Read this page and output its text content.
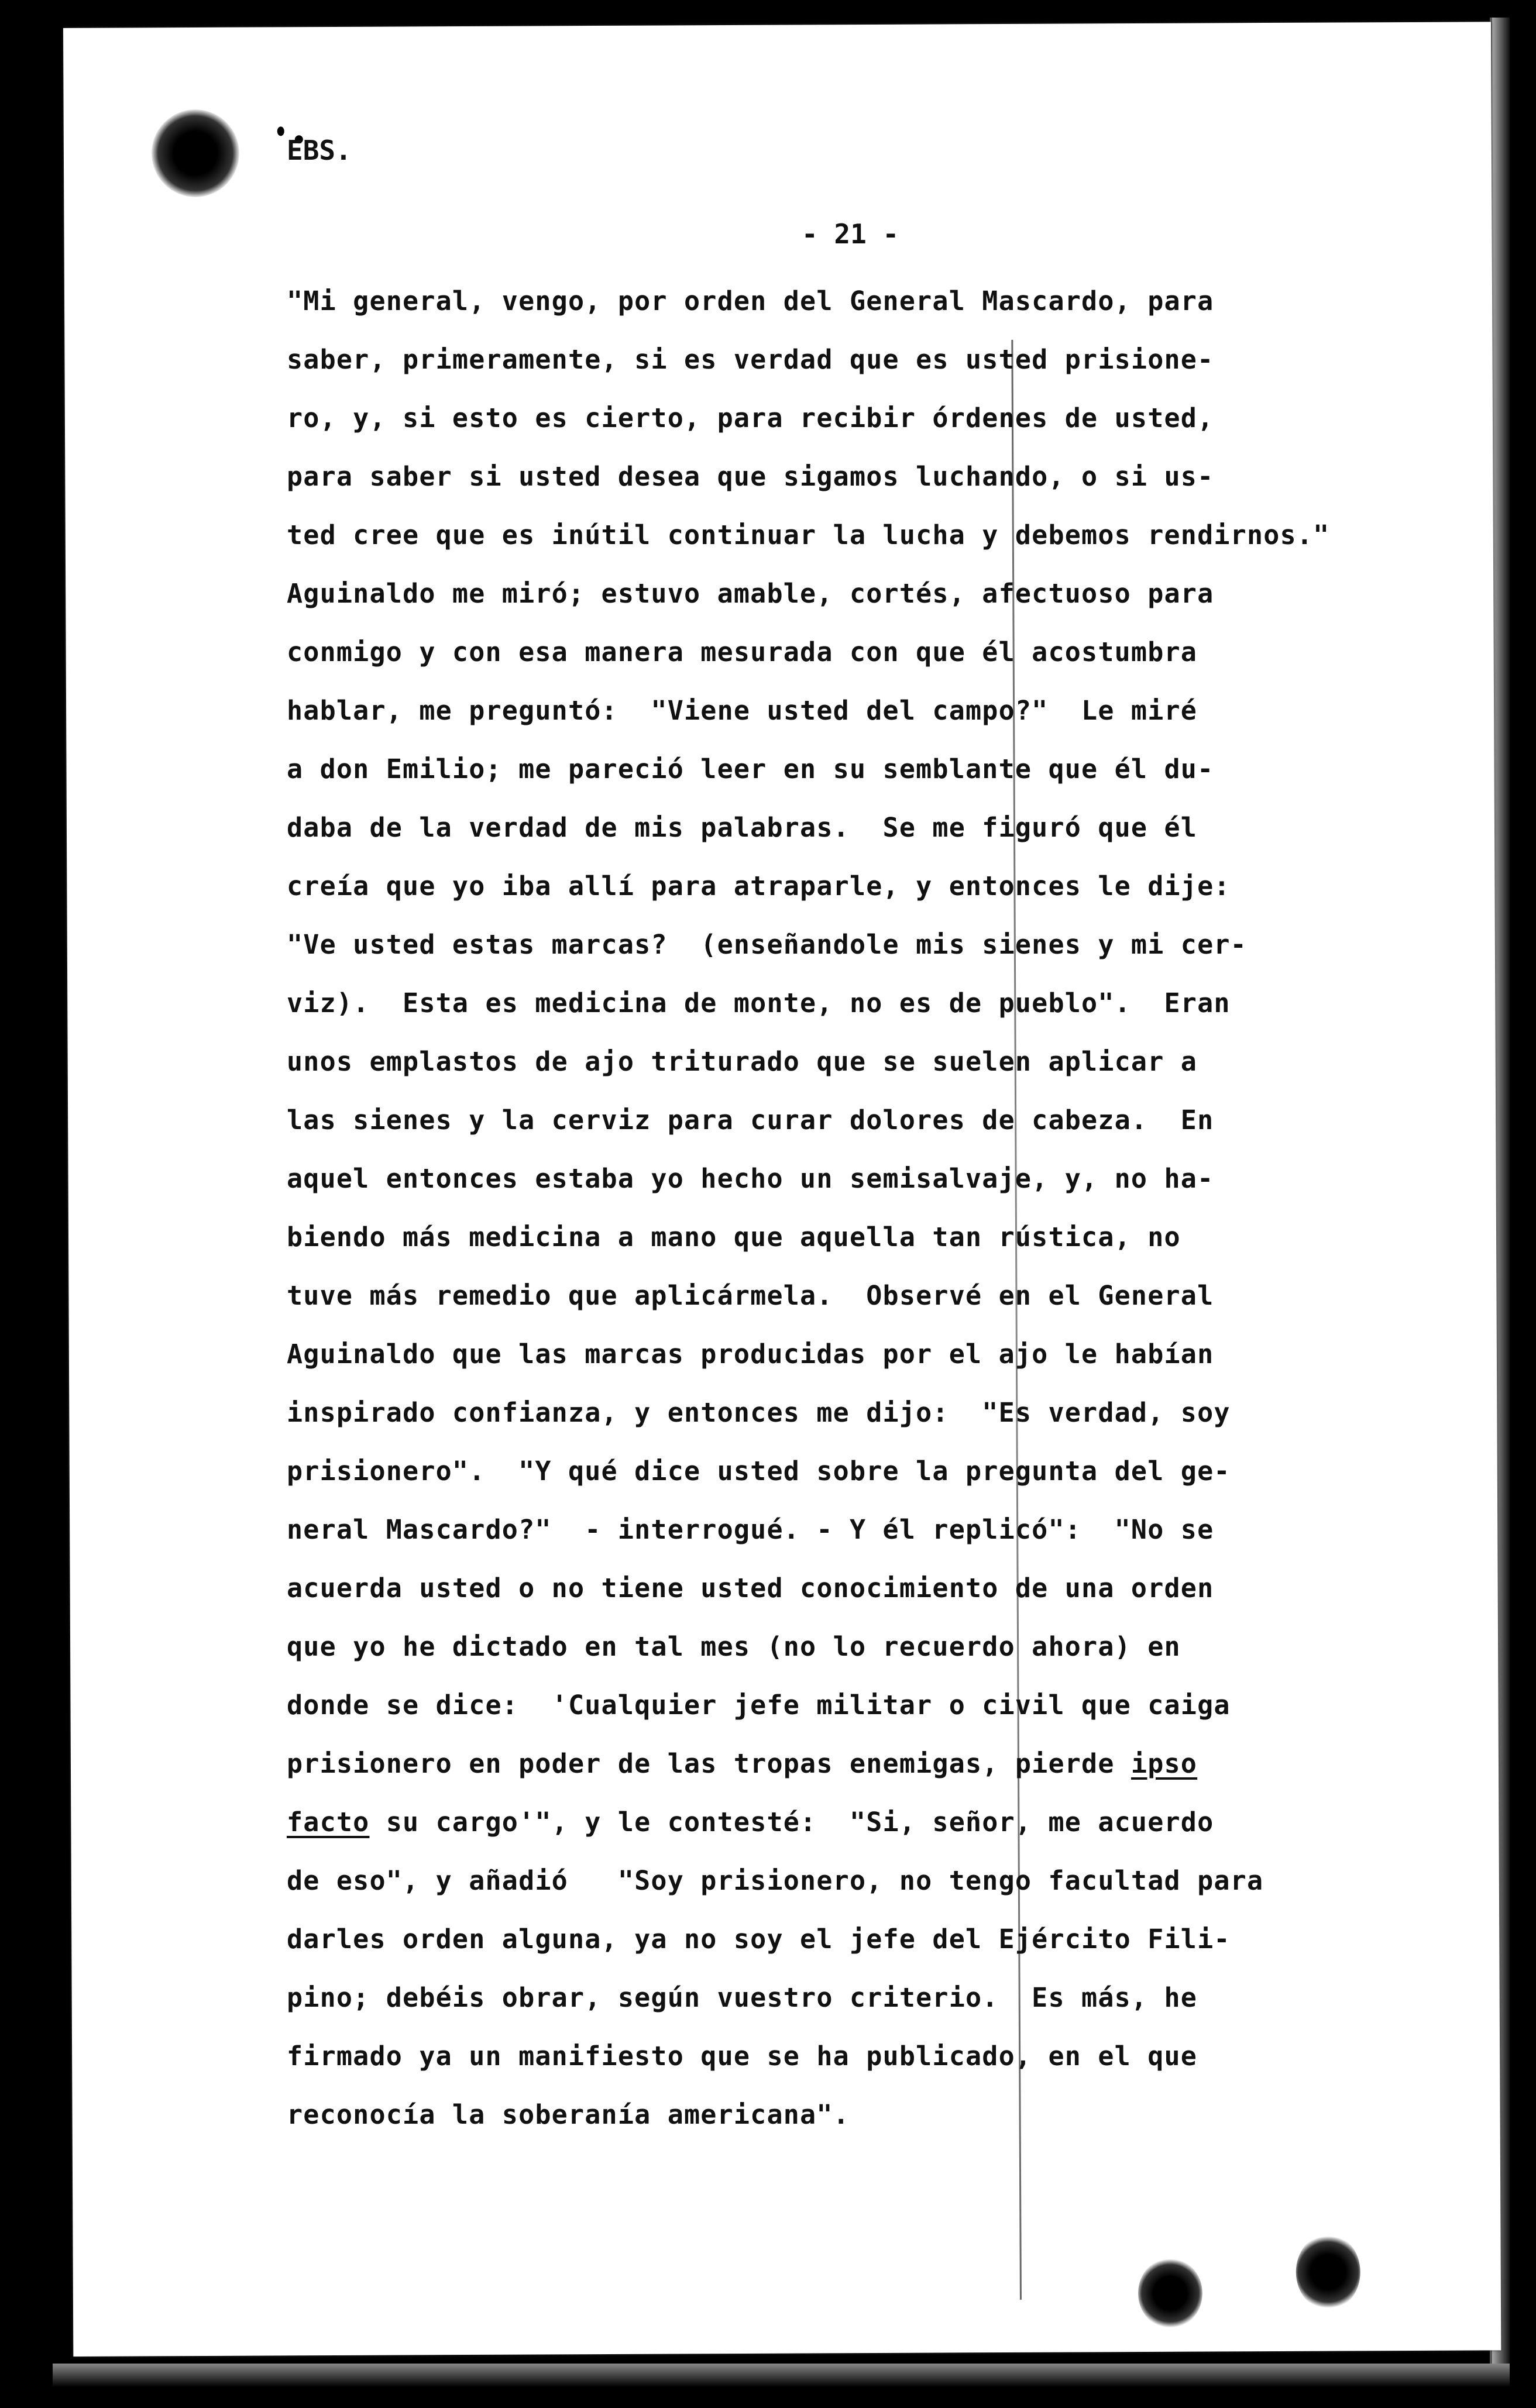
EBS.
- 21 -
"Mi general, vengo, por orden del General Mascardo, para
saber, primeramente, si es verdad que es usted prisione-
ro, y, si esto es cierto, para recibir órdenes de usted,
para saber si usted desea que sigamos luchando, o si us-
ted cree que es inútil continuar la lucha y debemos rendirnos."
Aguinaldo me miró; estuvo amable, cortés, afectuoso para
conmigo y con esa manera mesurada con que él acostumbra
hablar, me preguntó:  "Viene usted del campo?"  Le miré
a don Emilio; me pareció leer en su semblante que él du-
daba de la verdad de mis palabras.  Se me figuró que él
creía que yo iba allí para atraparle, y entonces le dije:
"Ve usted estas marcas?  (enseñandole mis sienes y mi cer-
viz).  Esta es medicina de monte, no es de pueblo".  Eran
unos emplastos de ajo triturado que se suelen aplicar a
las sienes y la cerviz para curar dolores de cabeza.  En
aquel entonces estaba yo hecho un semisalvaje, y, no ha-
biendo más medicina a mano que aquella tan rústica, no
tuve más remedio que aplicármela.  Observé en el General
Aguinaldo que las marcas producidas por el ajo le habían
inspirado confianza, y entonces me dijo:  "Es verdad, soy
prisionero".  "Y qué dice usted sobre la pregunta del ge-
neral Mascardo?"  - interrogué. - Y él replicó":  "No se
acuerda usted o no tiene usted conocimiento de una orden
que yo he dictado en tal mes (no lo recuerdo ahora) en
donde se dice:  'Cualquier jefe militar o civil que caiga
prisionero en poder de las tropas enemigas, pierde ipso
facto su cargo'", y le contesté:  "Si, señor, me acuerdo
de eso", y añadió   "Soy prisionero, no tengo facultad para
darles orden alguna, ya no soy el jefe del Ejército Fili-
pino; debéis obrar, según vuestro criterio.  Es más, he
firmado ya un manifiesto que se ha publicado, en el que
reconocía la soberanía americana".
